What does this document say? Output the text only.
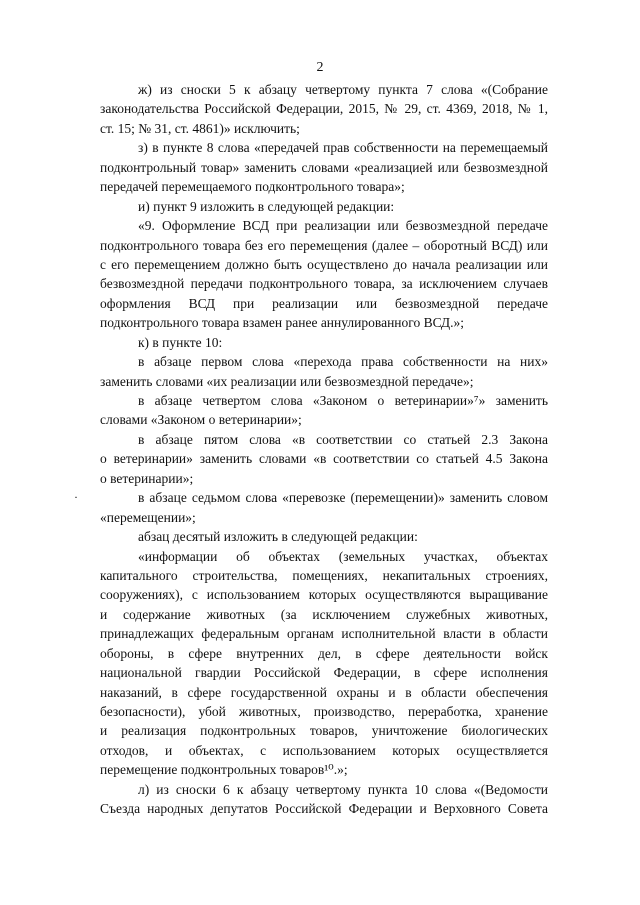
2
ж) из сноски 5 к абзацу четвертому пункта 7 слова «(Собрание
законодательства Российской Федерации, 2015, № 29, ст. 4369, 2018, № 1,
ст. 15; № 31, ст. 4861)» исключить;
з) в пункте 8 слова «передачей прав собственности на перемещаемый
подконтрольный товар» заменить словами «реализацией или безвозмездной
передачей перемещаемого подконтрольного товара»;
и) пункт 9 изложить в следующей редакции:
«9. Оформление ВСД при реализации или безвозмездной передаче
подконтрольного товара без его перемещения (далее – оборотный ВСД) или
с его перемещением должно быть осуществлено до начала реализации или
безвозмездной передачи подконтрольного товара, за исключением случаев
оформления ВСД при реализации или безвозмездной передаче
подконтрольного товара взамен ранее аннулированного ВСД.»;
к) в пункте 10:
в абзаце первом слова «перехода права собственности на них»
заменить словами «их реализации или безвозмездной передаче»;
в абзаце четвертом слова «Законом о ветеринарии»⁷» заменить
словами «Законом о ветеринарии»;
в абзаце пятом слова «в соответствии со статьей 2.3 Закона
о ветеринарии» заменить словами «в соответствии со статьей 4.5 Закона
о ветеринарии»;
·	в абзаце седьмом слова «перевозке (перемещении)» заменить словом
«перемещении»;
абзац десятый изложить в следующей редакции:
«информации об объектах (земельных участках, объектах
капитального строительства, помещениях, некапитальных строениях,
сооружениях), с использованием которых осуществляются выращивание
и содержание животных (за исключением служебных животных,
принадлежащих федеральным органам исполнительной власти в области
обороны, в сфере внутренних дел, в сфере деятельности войск
национальной гвардии Российской Федерации, в сфере исполнения
наказаний, в сфере государственной охраны и в области обеспечения
безопасности), убой животных, производство, переработка, хранение
и реализация подконтрольных товаров, уничтожение биологических
отходов, и объектах, с использованием которых осуществляется
перемещение подконтрольных товаров¹⁰.»;
л) из сноски 6 к абзацу четвертому пункта 10 слова «(Ведомости
Съезда народных депутатов Российской Федерации и Верховного Совета
